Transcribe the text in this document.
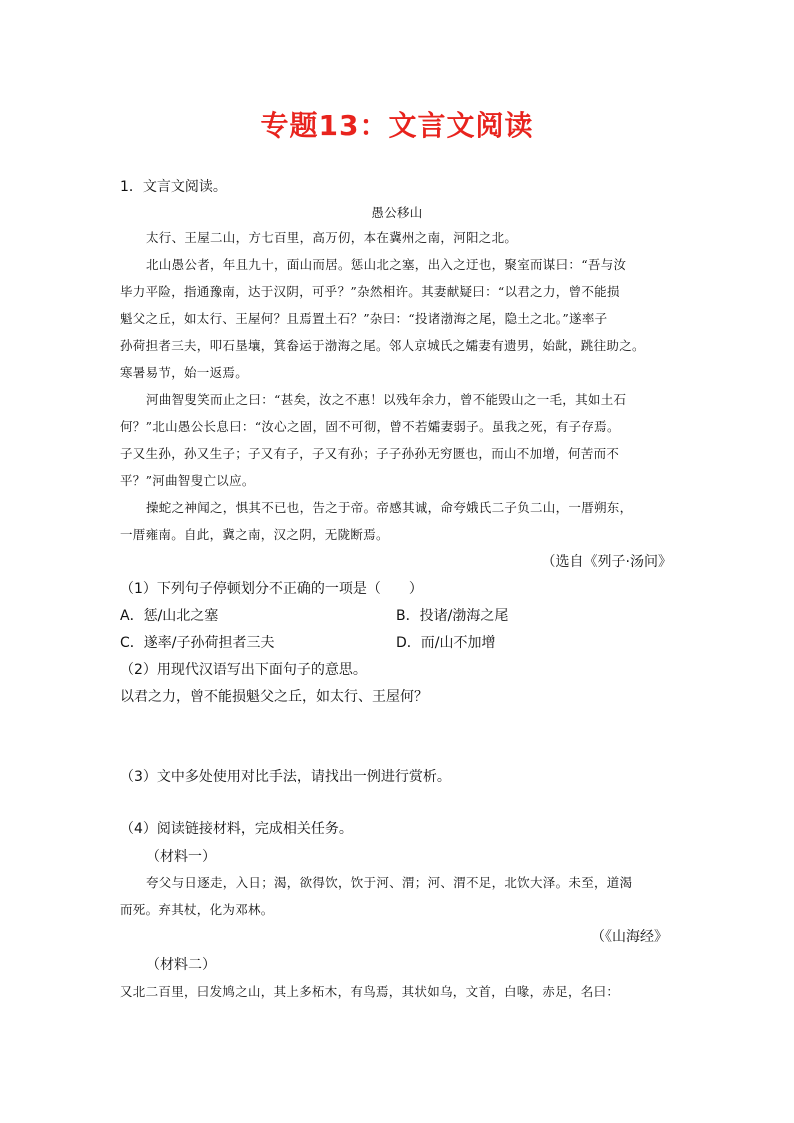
专题13：文言文阅读
1．文言文阅读。
愚公移山
太行、王屋二山，方七百里，高万仞，本在冀州之南，河阳之北。
北山愚公者，年且九十，面山而居。惩山北之塞，出入之迂也，聚室而谋曰：“吾与汝
毕力平险，指通豫南，达于汉阴，可乎？”杂然相许。其妻献疑曰：“以君之力，曾不能损
魁父之丘，如太行、王屋何？且焉置土石？”杂曰：“投诸渤海之尾，隐土之北。”遂率子
孙荷担者三夫，叩石垦壤，箕畚运于渤海之尾。邻人京城氏之孀妻有遗男，始龀，跳往助之。
寒暑易节，始一返焉。
河曲智叟笑而止之曰：“甚矣，汝之不惠！以残年余力，曾不能毁山之一毛，其如土石
何？”北山愚公长息曰：“汝心之固，固不可彻，曾不若孀妻弱子。虽我之死，有子存焉。
子又生孙，孙又生子；子又有子，子又有孙；子子孙孙无穷匮也，而山不加增，何苦而不
平？”河曲智叟亡以应。
操蛇之神闻之，惧其不已也，告之于帝。帝感其诚，命夸娥氏二子负二山，一厝朔东，
一厝雍南。自此，冀之南，汉之阴，无陇断焉。
（选自《列子·汤问》
（1）下列句子停顿划分不正确的一项是（　　）
A．惩/山北之塞	B．投诸/渤海之尾
C．遂率/子孙荷担者三夫	D．而/山不加增
（2）用现代汉语写出下面句子的意思。
以君之力，曾不能损魁父之丘，如太行、王屋何？
（3）文中多处使用对比手法，请找出一例进行赏析。
（4）阅读链接材料，完成相关任务。
（材料一）
夸父与日逐走，入日；渴，欲得饮，饮于河、渭；河、渭不足，北饮大泽。未至，道渴
而死。弃其杖，化为邓林。
（《山海经》
（材料二）
又北二百里，曰发鸠之山，其上多柘木，有鸟焉，其状如乌，文首，白喙，赤足，名曰：
